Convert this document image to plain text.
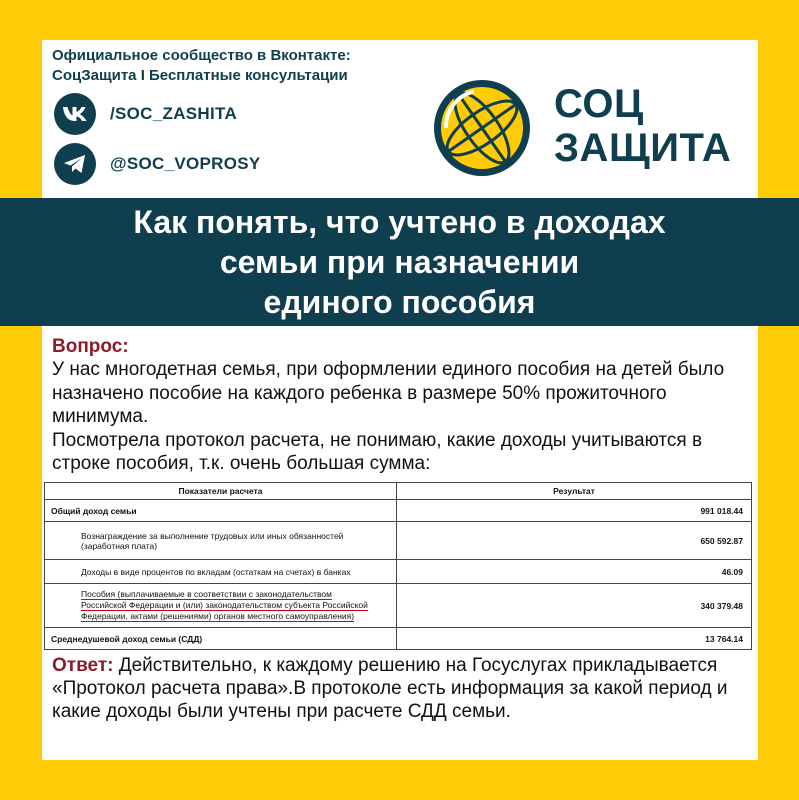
Официальное сообщество в Вконтакте:
СоцЗащита I Бесплатные консультации
/SOC_ZASHITA
@SOC_VOPROSY
СОЦ
ЗАЩИТА
Как понять, что учтено в доходах
семьи при назначении
единого пособия
Вопрос:

У нас многодетная семья, при оформлении единого пособия на детей было назначено пособие на каждого ребенка в размере 50% прожиточного минимума.

Посмотрела протокол расчета, не понимаю, какие доходы учитываются в строке пособия, т.к. очень большая сумма:

Показатели расчета	Результат
Общий доход семьи	991 018.44
Вознаграждение за выполнение трудовых или иных обязанностей (заработная плата)	650 592.87
Доходы в виде процентов по вкладам (остаткам на счетах) в банках	46.09
Пособия (выплачиваемые в соответствии с законодательством
Российской Федерации и (или) законодательством субъекта Российской
Федерации, актами (решениями) органов местного самоуправления)	340 379.48
Среднедушевой доход семьи (СДД)	13 764.14

Ответ: Действительно, к каждому решению на Госуслугах прикладывается «Протокол расчета права».В протоколе есть информация за какой период и какие доходы были учтены при расчете СДД семьи.
